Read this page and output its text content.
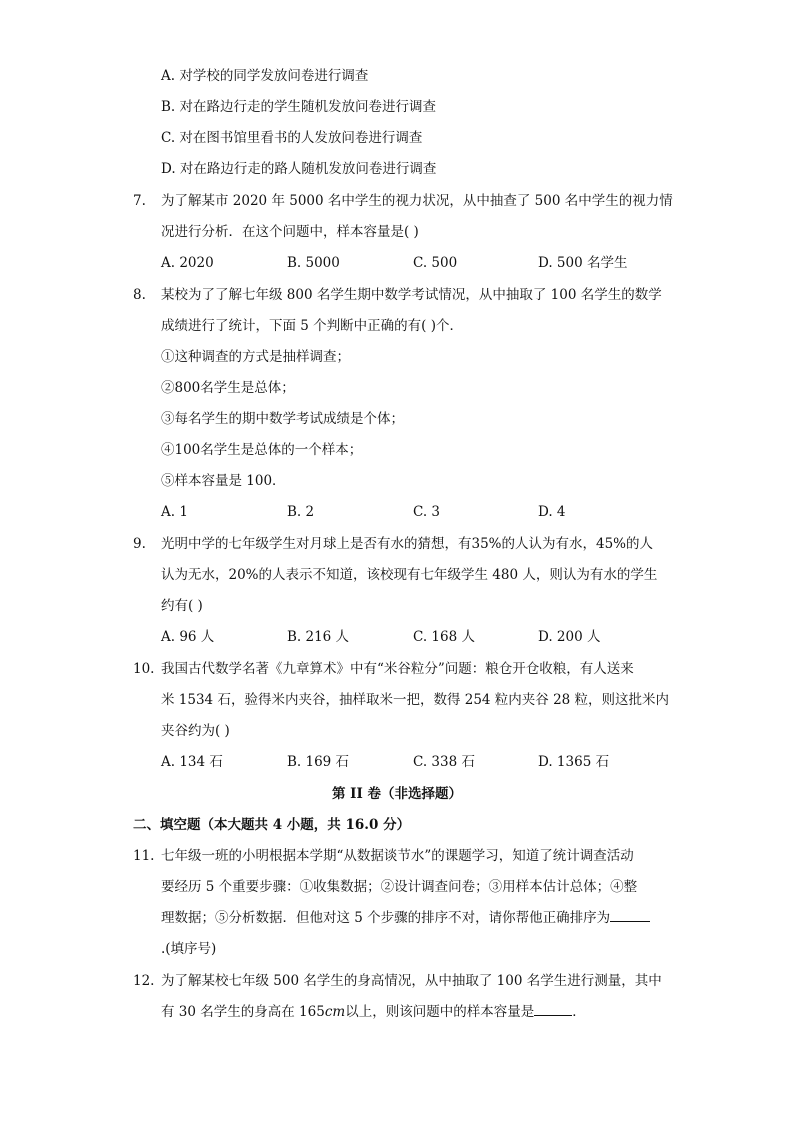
A. 对学校的同学发放问卷进行调查
B. 对在路边行走的学生随机发放问卷进行调查
C. 对在图书馆里看书的人发放问卷进行调查
D. 对在路边行走的路人随机发放问卷进行调查
7.	为了解某市 2020 年 5000 名中学生的视力状况，从中抽查了 500 名中学生的视力情
况进行分析．在这个问题中，样本容量是( )
A. 2020	B. 5000	C. 500	D. 500 名学生
8.	某校为了了解七年级 800 名学生期中数学考试情况，从中抽取了 100 名学生的数学
成绩进行了统计，下面 5 个判断中正确的有( )个．
①这种调查的方式是抽样调查；
②800名学生是总体；
③每名学生的期中数学考试成绩是个体；
④100名学生是总体的一个样本；
⑤样本容量是 100．
A. 1	B. 2	C. 3	D. 4
9.	光明中学的七年级学生对月球上是否有水的猜想，有35%的人认为有水，45%的人
认为无水，20%的人表示不知道，该校现有七年级学生 480 人，则认为有水的学生
约有( )
A. 96 人	B. 216 人	C. 168 人	D. 200 人
10. 我国古代数学名著《九章算术》中有“米谷粒分”问题：粮仓开仓收粮，有人送来
米 1534 石，验得米内夹谷，抽样取米一把，数得 254 粒内夹谷 28 粒，则这批米内
夹谷约为( )
A. 134 石	B. 169 石	C. 338 石	D. 1365 石
第 II 卷（非选择题）
二、填空题（本大题共 4 小题，共 16.0 分）
11. 七年级一班的小明根据本学期“从数据谈节水”的课题学习，知道了统计调查活动
要经历 5 个重要步骤：①收集数据；②设计调查问卷；③用样本估计总体；④整
理数据；⑤分析数据．但他对这 5 个步骤的排序不对，请你帮他正确排序为
.(填序号)
12. 为了解某校七年级 500 名学生的身高情况，从中抽取了 100 名学生进行测量，其中
有 30 名学生的身高在 165cm以上，则该问题中的样本容量是	．
